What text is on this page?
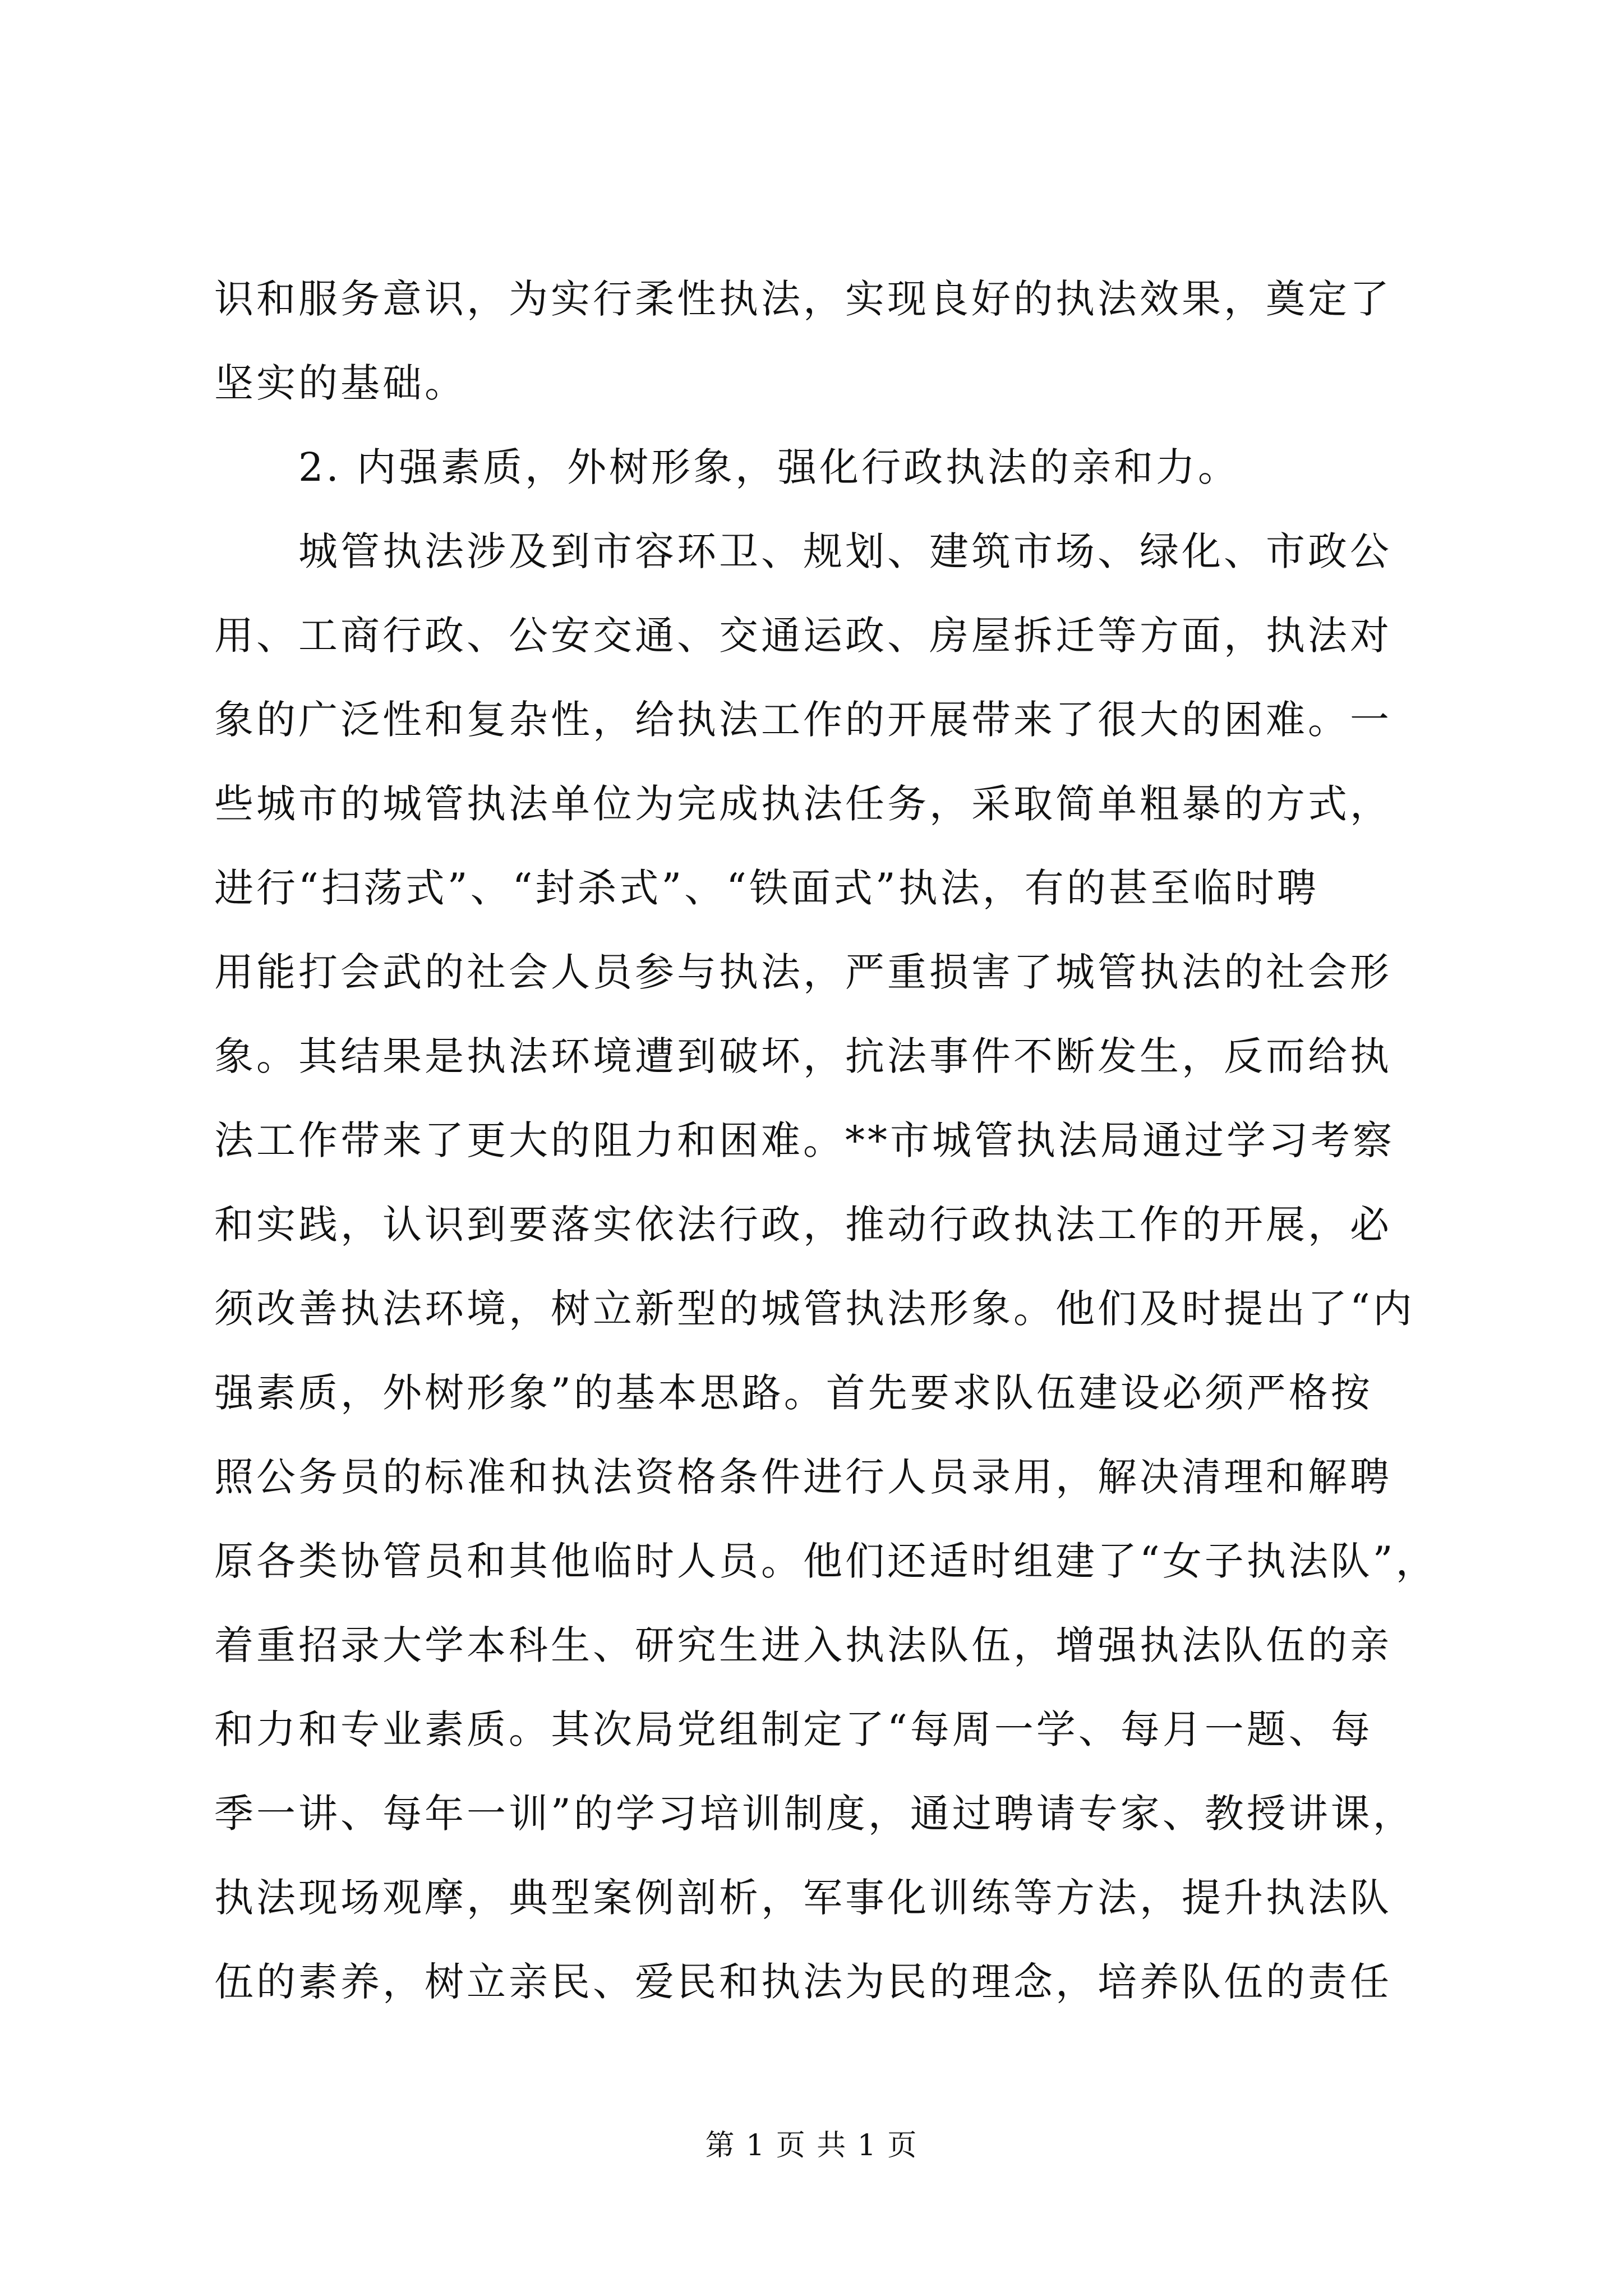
识和服务意识，为实行柔性执法，实现良好的执法效果，奠定了
坚实的基础。
2. 内强素质，外树形象，强化行政执法的亲和力。
城管执法涉及到市容环卫、规划、建筑市场、绿化、市政公
用、工商行政、公安交通、交通运政、房屋拆迁等方面，执法对
象的广泛性和复杂性，给执法工作的开展带来了很大的困难。一
些城市的城管执法单位为完成执法任务，采取简单粗暴的方式，
进行“扫荡式”、“封杀式”、“铁面式”执法，有的甚至临时聘
用能打会武的社会人员参与执法，严重损害了城管执法的社会形
象。其结果是执法环境遭到破坏，抗法事件不断发生，反而给执
法工作带来了更大的阻力和困难。**市城管执法局通过学习考察
和实践，认识到要落实依法行政，推动行政执法工作的开展，必
须改善执法环境，树立新型的城管执法形象。他们及时提出了“内
强素质，外树形象”的基本思路。首先要求队伍建设必须严格按
照公务员的标准和执法资格条件进行人员录用，解决清理和解聘
原各类协管员和其他临时人员。他们还适时组建了“女子执法队”，
着重招录大学本科生、研究生进入执法队伍，增强执法队伍的亲
和力和专业素质。其次局党组制定了“每周一学、每月一题、每
季一讲、每年一训”的学习培训制度，通过聘请专家、教授讲课，
执法现场观摩，典型案例剖析，军事化训练等方法，提升执法队
伍的素养，树立亲民、爱民和执法为民的理念，培养队伍的责任
第 1 页 共 1 页
